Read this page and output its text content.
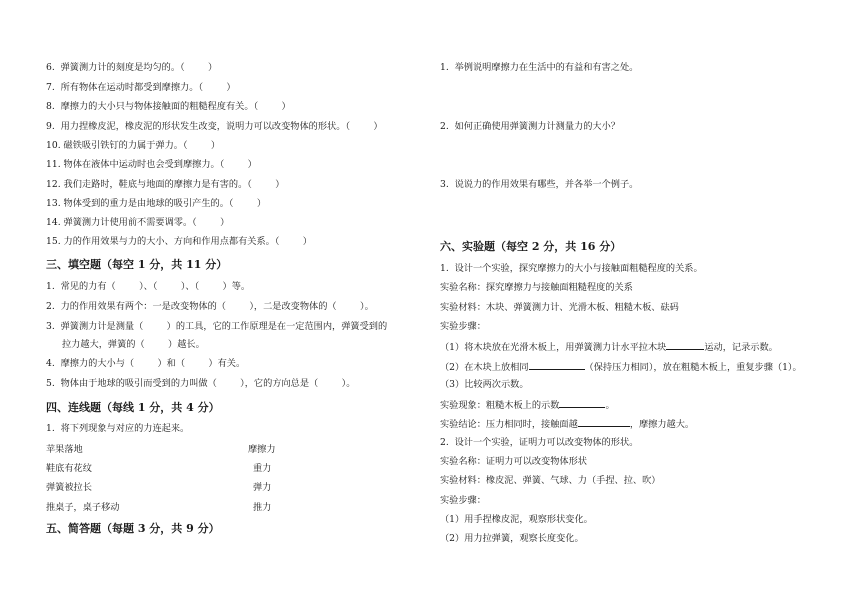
6.  弹簧测力计的刻度是均匀的。（        ）
7.  所有物体在运动时都受到摩擦力。（        ）
8.  摩擦力的大小只与物体接触面的粗糙程度有关。（        ）
9.  用力捏橡皮泥，橡皮泥的形状发生改变，说明力可以改变物体的形状。（        ）
10. 磁铁吸引铁钉的力属于弹力。（        ）
11. 物体在液体中运动时也会受到摩擦力。（        ）
12. 我们走路时，鞋底与地面的摩擦力是有害的。（        ）
13. 物体受到的重力是由地球的吸引产生的。（        ）
14. 弹簧测力计使用前不需要调零。（        ）
15. 力的作用效果与力的大小、方向和作用点都有关系。（        ）
三、填空题（每空 1 分，共 11 分）
1.  常见的力有（        ）、（        ）、（        ）等。
2.  力的作用效果有两个：一是改变物体的（        ），二是改变物体的（        ）。
3.  弹簧测力计是测量（        ）的工具，它的工作原理是在一定范围内，弹簧受到的
拉力越大，弹簧的（        ）越长。
4.  摩擦力的大小与（        ）和（        ）有关。
5.  物体由于地球的吸引而受到的力叫做（        ），它的方向总是（        ）。
四、连线题（每线 1 分，共 4 分）
1.  将下列现象与对应的力连起来。
苹果落地
鞋底有花纹
弹簧被拉长
推桌子，桌子移动
摩擦力
重力
弹力
推力
五、简答题（每题 3 分，共 9 分）
1.  举例说明摩擦力在生活中的有益和有害之处。
2.  如何正确使用弹簧测力计测量力的大小？
3.  说说力的作用效果有哪些，并各举一个例子。
六、实验题（每空 2 分，共 16 分）
1.  设计一个实验，探究摩擦力的大小与接触面粗糙程度的关系。
实验名称：探究摩擦力与接触面粗糙程度的关系
实验材料：木块、弹簧测力计、光滑木板、粗糙木板、砝码
实验步骤：
（1）将木块放在光滑木板上，用弹簧测力计水平拉木块	运动，记录示数。
（2）在木块上放相同	（保持压力相同），放在粗糙木板上，重复步骤（1）。
（3）比较两次示数。
实验现象：粗糙木板上的示数	。
实验结论：压力相同时，接触面越	，摩擦力越大。
2.  设计一个实验，证明力可以改变物体的形状。
实验名称：证明力可以改变物体形状
实验材料：橡皮泥、弹簧、气球、力（手捏、拉、吹）
实验步骤：
（1）用手捏橡皮泥，观察形状变化。
（2）用力拉弹簧，观察长度变化。
